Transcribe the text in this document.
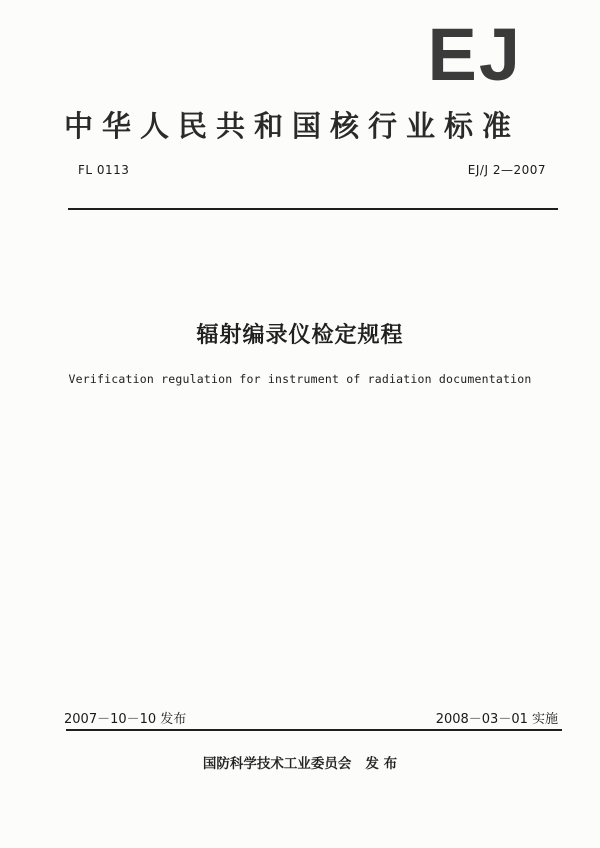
EJ
中华人民共和国核行业标准
FL 0113	EJ/J 2—2007
辐射编录仪检定规程
Verification regulation for instrument of radiation documentation
2007－10－10 发布	2008－03－01 实施
国防科学技术工业委员会 发 布
